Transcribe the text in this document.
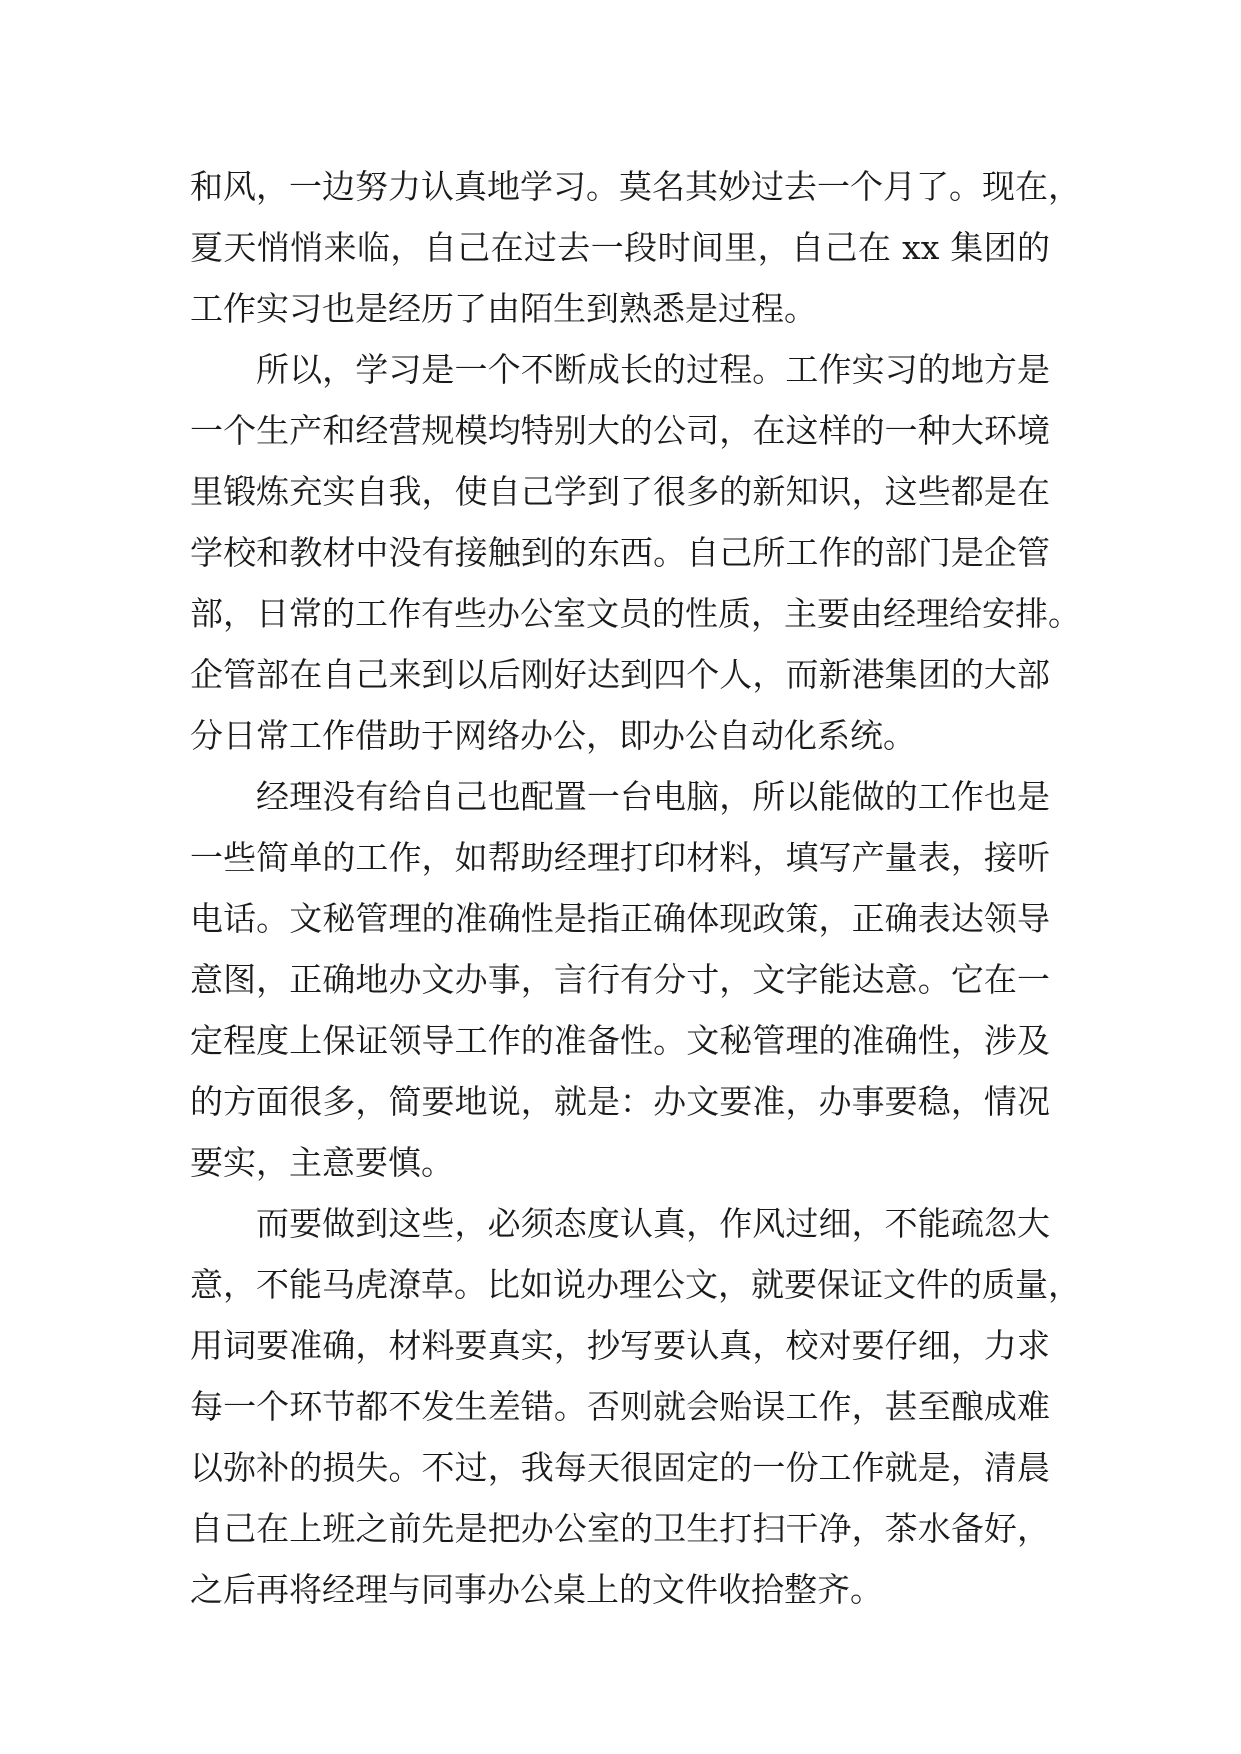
和风，一边努力认真地学习。莫名其妙过去一个月了。现在，
夏天悄悄来临，自己在过去一段时间里，自己在 xx 集团的
工作实习也是经历了由陌生到熟悉是过程。
所以，学习是一个不断成长的过程。工作实习的地方是
一个生产和经营规模均特别大的公司，在这样的一种大环境
里锻炼充实自我，使自己学到了很多的新知识，这些都是在
学校和教材中没有接触到的东西。自己所工作的部门是企管
部，日常的工作有些办公室文员的性质，主要由经理给安排。
企管部在自己来到以后刚好达到四个人，而新港集团的大部
分日常工作借助于网络办公，即办公自动化系统。
经理没有给自己也配置一台电脑，所以能做的工作也是
一些简单的工作，如帮助经理打印材料，填写产量表，接听
电话。文秘管理的准确性是指正确体现政策，正确表达领导
意图，正确地办文办事，言行有分寸，文字能达意。它在一
定程度上保证领导工作的准备性。文秘管理的准确性，涉及
的方面很多，简要地说，就是：办文要准，办事要稳，情况
要实，主意要慎。
而要做到这些，必须态度认真，作风过细，不能疏忽大
意，不能马虎潦草。比如说办理公文，就要保证文件的质量，
用词要准确，材料要真实，抄写要认真，校对要仔细，力求
每一个环节都不发生差错。否则就会贻误工作，甚至酿成难
以弥补的损失。不过，我每天很固定的一份工作就是，清晨
自己在上班之前先是把办公室的卫生打扫干净，茶水备好，
之后再将经理与同事办公桌上的文件收拾整齐。
